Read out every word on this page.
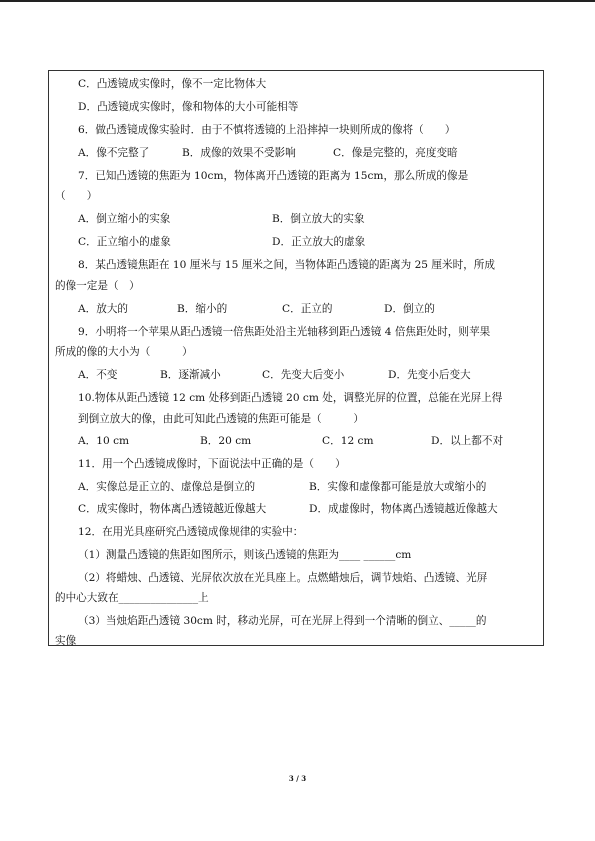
C．凸透镜成实像时，像不一定比物体大
D．凸透镜成实像时，像和物体的大小可能相等
6．做凸透镜成像实验时．由于不慎将透镜的上沿摔掉一块则所成的像将（　　）
A．像不完整了	B．成像的效果不受影响	C．像是完整的，亮度变暗
7．已知凸透镜的焦距为 10cm，物体离开凸透镜的距离为 15cm，那么所成的像是
（　　）
A．倒立缩小的实象	B．倒立放大的实象
C．正立缩小的虚象	D．正立放大的虚象
8．某凸透镜焦距在 10 厘米与 15 厘米之间，当物体距凸透镜的距离为 25 厘米时，所成
的像一定是（　）
A．放大的	B．缩小的	C．正立的	D．倒立的
9．小明将一个苹果从距凸透镜一倍焦距处沿主光轴移到距凸透镜 4 倍焦距处时，则苹果
所成的像的大小为（　　　）
A．不变	B．逐渐减小	C．先变大后变小	D．先变小后变大
10.物体从距凸透镜 12 cm 处移到距凸透镜 20 cm 处，调整光屏的位置，总能在光屏上得
到倒立放大的像，由此可知此凸透镜的焦距可能是（　　　）
A．10 cm	B．20 cm	C．12 cm	D．以上都不对
11．用一个凸透镜成像时，下面说法中正确的是（　　）
A．实像总是正立的、虚像总是倒立的	B．实像和虚像都可能是放大或缩小的
C．成实像时，物体离凸透镜越近像越大	D．成虚像时，物体离凸透镜越近像越大
12．在用光具座研究凸透镜成像规律的实验中：
（1）测量凸透镜的焦距如图所示，则该凸透镜的焦距为____ ______cm
（2）将蜡烛、凸透镜、光屏依次放在光具座上。点燃蜡烛后，调节烛焰、凸透镜、光屏
的中心大致在_______________上
（3）当烛焰距凸透镜 30cm 时，移动光屏，可在光屏上得到一个清晰的倒立、_____的
实像
3 / 3
